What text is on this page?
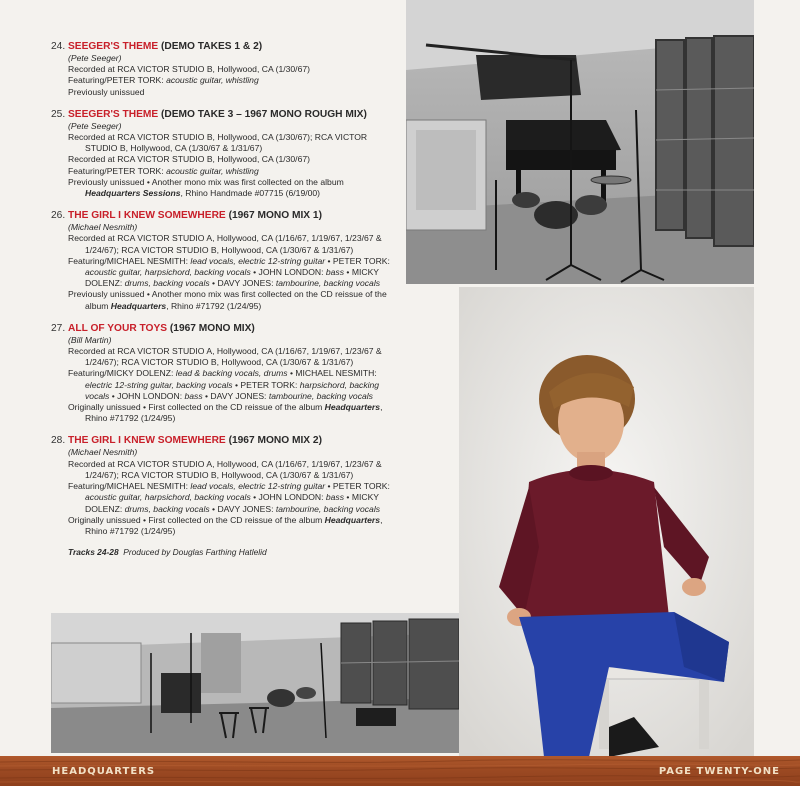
24. SEEGER'S THEME (DEMO TAKES 1 & 2)
(Pete Seeger)
Recorded at RCA VICTOR STUDIO B, Hollywood, CA (1/30/67)
Featuring/PETER TORK: acoustic guitar, whistling
Previously unissued
25. SEEGER'S THEME (DEMO TAKE 3 – 1967 MONO ROUGH MIX)
(Pete Seeger)
Recorded at RCA VICTOR STUDIO B, Hollywood, CA (1/30/67); RCA VICTOR STUDIO B, Hollywood, CA (1/30/67 & 1/31/67)
Recorded at RCA VICTOR STUDIO B, Hollywood, CA (1/30/67)
Featuring/PETER TORK: acoustic guitar, whistling
Previously unissued • Another mono mix was first collected on the album Headquarters Sessions, Rhino Handmade #07715 (6/19/00)
26. THE GIRL I KNEW SOMEWHERE (1967 MONO MIX 1)
(Michael Nesmith)
Recorded at RCA VICTOR STUDIO A, Hollywood, CA (1/16/67, 1/19/67, 1/23/67 & 1/24/67); RCA VICTOR STUDIO B, Hollywood, CA (1/30/67 & 1/31/67)
Featuring/MICHAEL NESMITH: lead vocals, electric 12-string guitar • PETER TORK: acoustic guitar, harpsichord, backing vocals • JOHN LONDON: bass • MICKY DOLENZ: drums, backing vocals • DAVY JONES: tambourine, backing vocals
Previously unissued • Another mono mix was first collected on the CD reissue of the album Headquarters, Rhino #71792 (1/24/95)
27. ALL OF YOUR TOYS (1967 MONO MIX)
(Bill Martin)
Recorded at RCA VICTOR STUDIO A, Hollywood, CA (1/16/67, 1/19/67, 1/23/67 & 1/24/67); RCA VICTOR STUDIO B, Hollywood, CA (1/30/67 & 1/31/67)
Featuring/MICKY DOLENZ: lead & backing vocals, drums • MICHAEL NESMITH: electric 12-string guitar, backing vocals • PETER TORK: harpsichord, backing vocals • JOHN LONDON: bass • DAVY JONES: tambourine, backing vocals
Originally unissued • First collected on the CD reissue of the album Headquarters, Rhino #71792 (1/24/95)
28. THE GIRL I KNEW SOMEWHERE (1967 MONO MIX 2)
(Michael Nesmith)
Recorded at RCA VICTOR STUDIO A, Hollywood, CA (1/16/67, 1/19/67, 1/23/67 & 1/24/67); RCA VICTOR STUDIO B, Hollywood, CA (1/30/67 & 1/31/67)
Featuring/MICHAEL NESMITH: lead vocals, electric 12-string guitar • PETER TORK: acoustic guitar, harpsichord, backing vocals • JOHN LONDON: bass • MICKY DOLENZ: drums, backing vocals • DAVY JONES: tambourine, backing vocals
Originally unissued • First collected on the CD reissue of the album Headquarters, Rhino #71792 (1/24/95)
Tracks 24-28 Produced by Douglas Farthing Hatlelid
HEADQUARTERS	PAGE TWENTY-ONE
